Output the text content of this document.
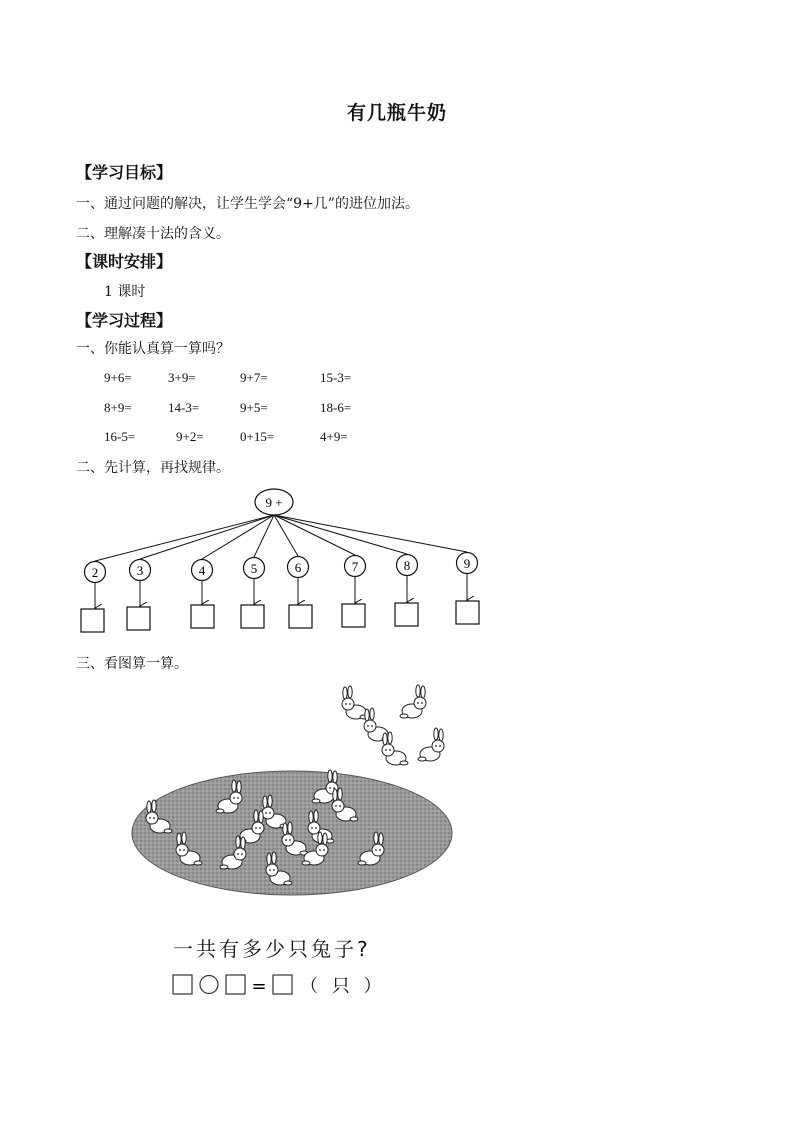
有几瓶牛奶
【学习目标】
一、通过问题的解决，让学生学会“9+几”的进位加法。
二、理解凑十法的含义。
【课时安排】
1 课时
【学习过程】
一、你能认真算一算吗？
9+6=	3+9=	9+7=	15-3=
8+9=	14-3=	9+5=	18-6=
16-5=	9+2=	0+15=	4+9=
二、先计算，再找规律。
9 +
2	3	4	5	6	7	8	9
三、看图算一算。
一共有多少只兔子?
= （ 只 ）
